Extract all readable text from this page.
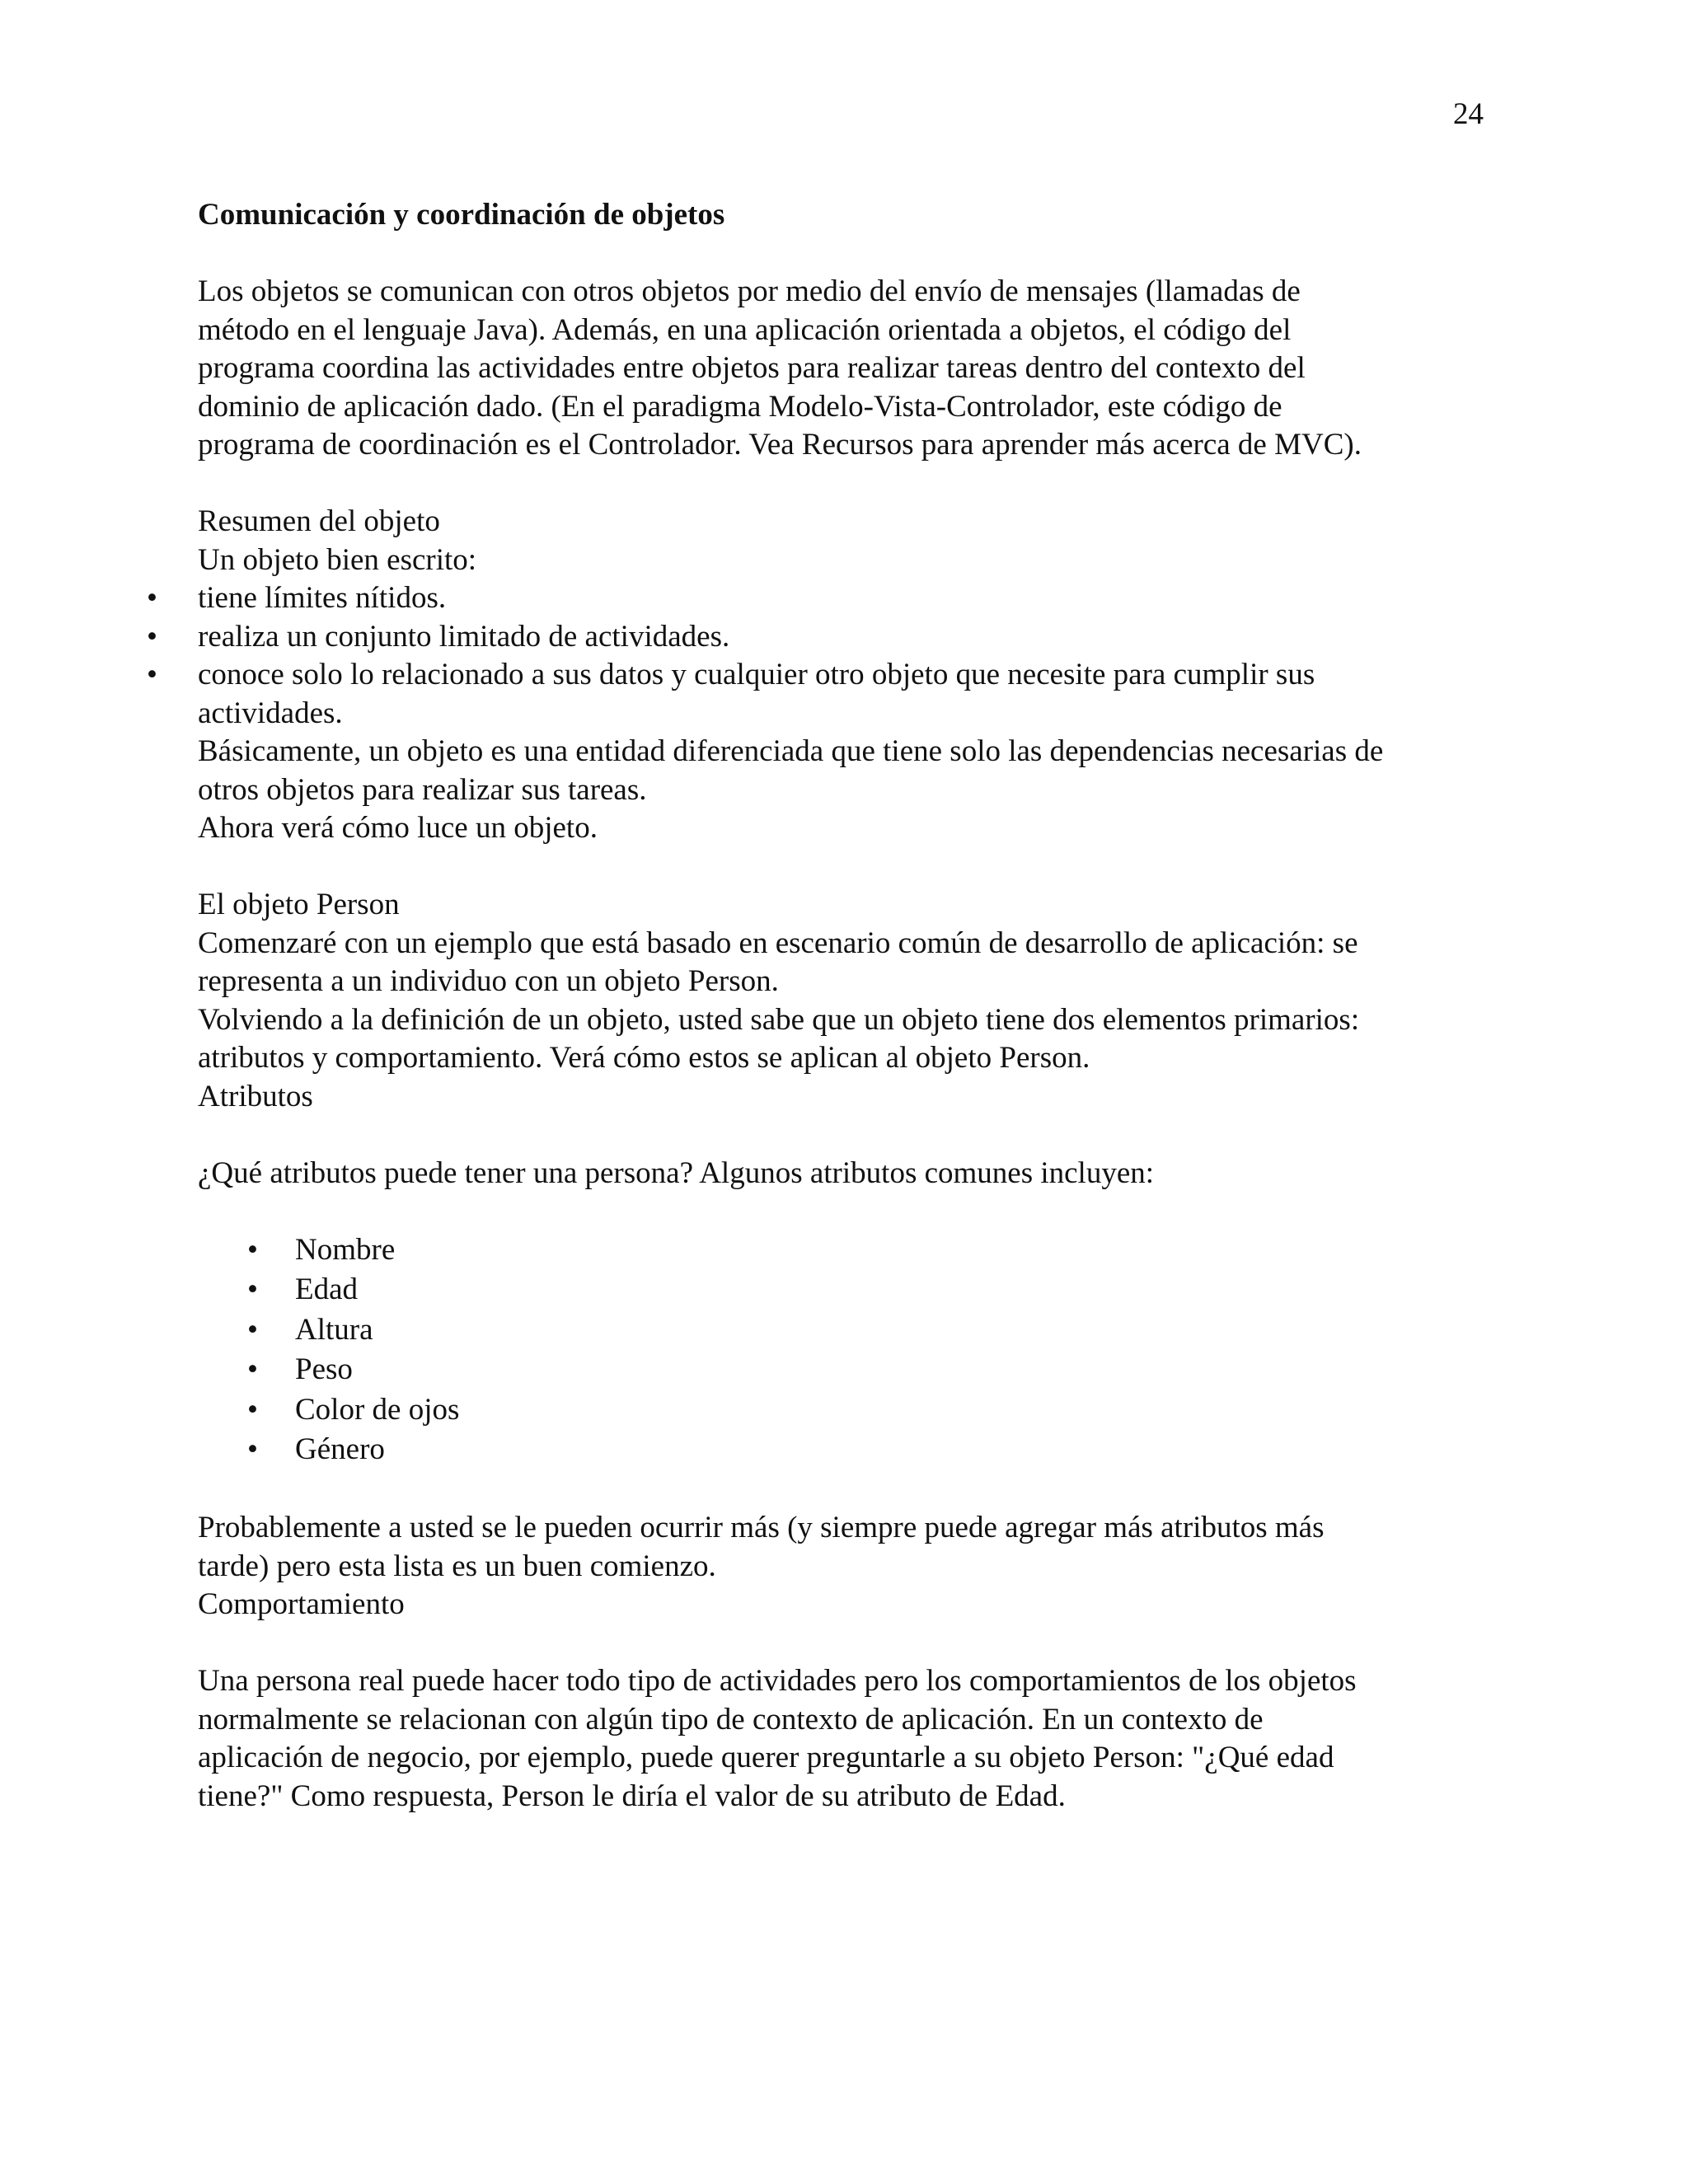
24

Comunicación y coordinación de objetos

Los objetos se comunican con otros objetos por medio del envío de mensajes (llamadas de

método en el lenguaje Java). Además, en una aplicación orientada a objetos, el código del

programa coordina las actividades entre objetos para realizar tareas dentro del contexto del

dominio de aplicación dado. (En el paradigma Modelo-Vista-Controlador, este código de

programa de coordinación es el Controlador. Vea Recursos para aprender más acerca de MVC).

Resumen del objeto

Un objeto bien escrito:

• tiene límites nítidos.

• realiza un conjunto limitado de actividades.

• conoce solo lo relacionado a sus datos y cualquier otro objeto que necesite para cumplir sus

actividades.

Básicamente, un objeto es una entidad diferenciada que tiene solo las dependencias necesarias de

otros objetos para realizar sus tareas.

Ahora verá cómo luce un objeto.

El objeto Person

Comenzaré con un ejemplo que está basado en escenario común de desarrollo de aplicación: se

representa a un individuo con un objeto Person.

Volviendo a la definición de un objeto, usted sabe que un objeto tiene dos elementos primarios:

atributos y comportamiento. Verá cómo estos se aplican al objeto Person.

Atributos

¿Qué atributos puede tener una persona? Algunos atributos comunes incluyen:

• Nombre
• Edad
• Altura
• Peso
• Color de ojos
• Género

Probablemente a usted se le pueden ocurrir más (y siempre puede agregar más atributos más

tarde) pero esta lista es un buen comienzo.

Comportamiento

Una persona real puede hacer todo tipo de actividades pero los comportamientos de los objetos

normalmente se relacionan con algún tipo de contexto de aplicación. En un contexto de

aplicación de negocio, por ejemplo, puede querer preguntarle a su objeto Person: "¿Qué edad

tiene?" Como respuesta, Person le diría el valor de su atributo de Edad.
